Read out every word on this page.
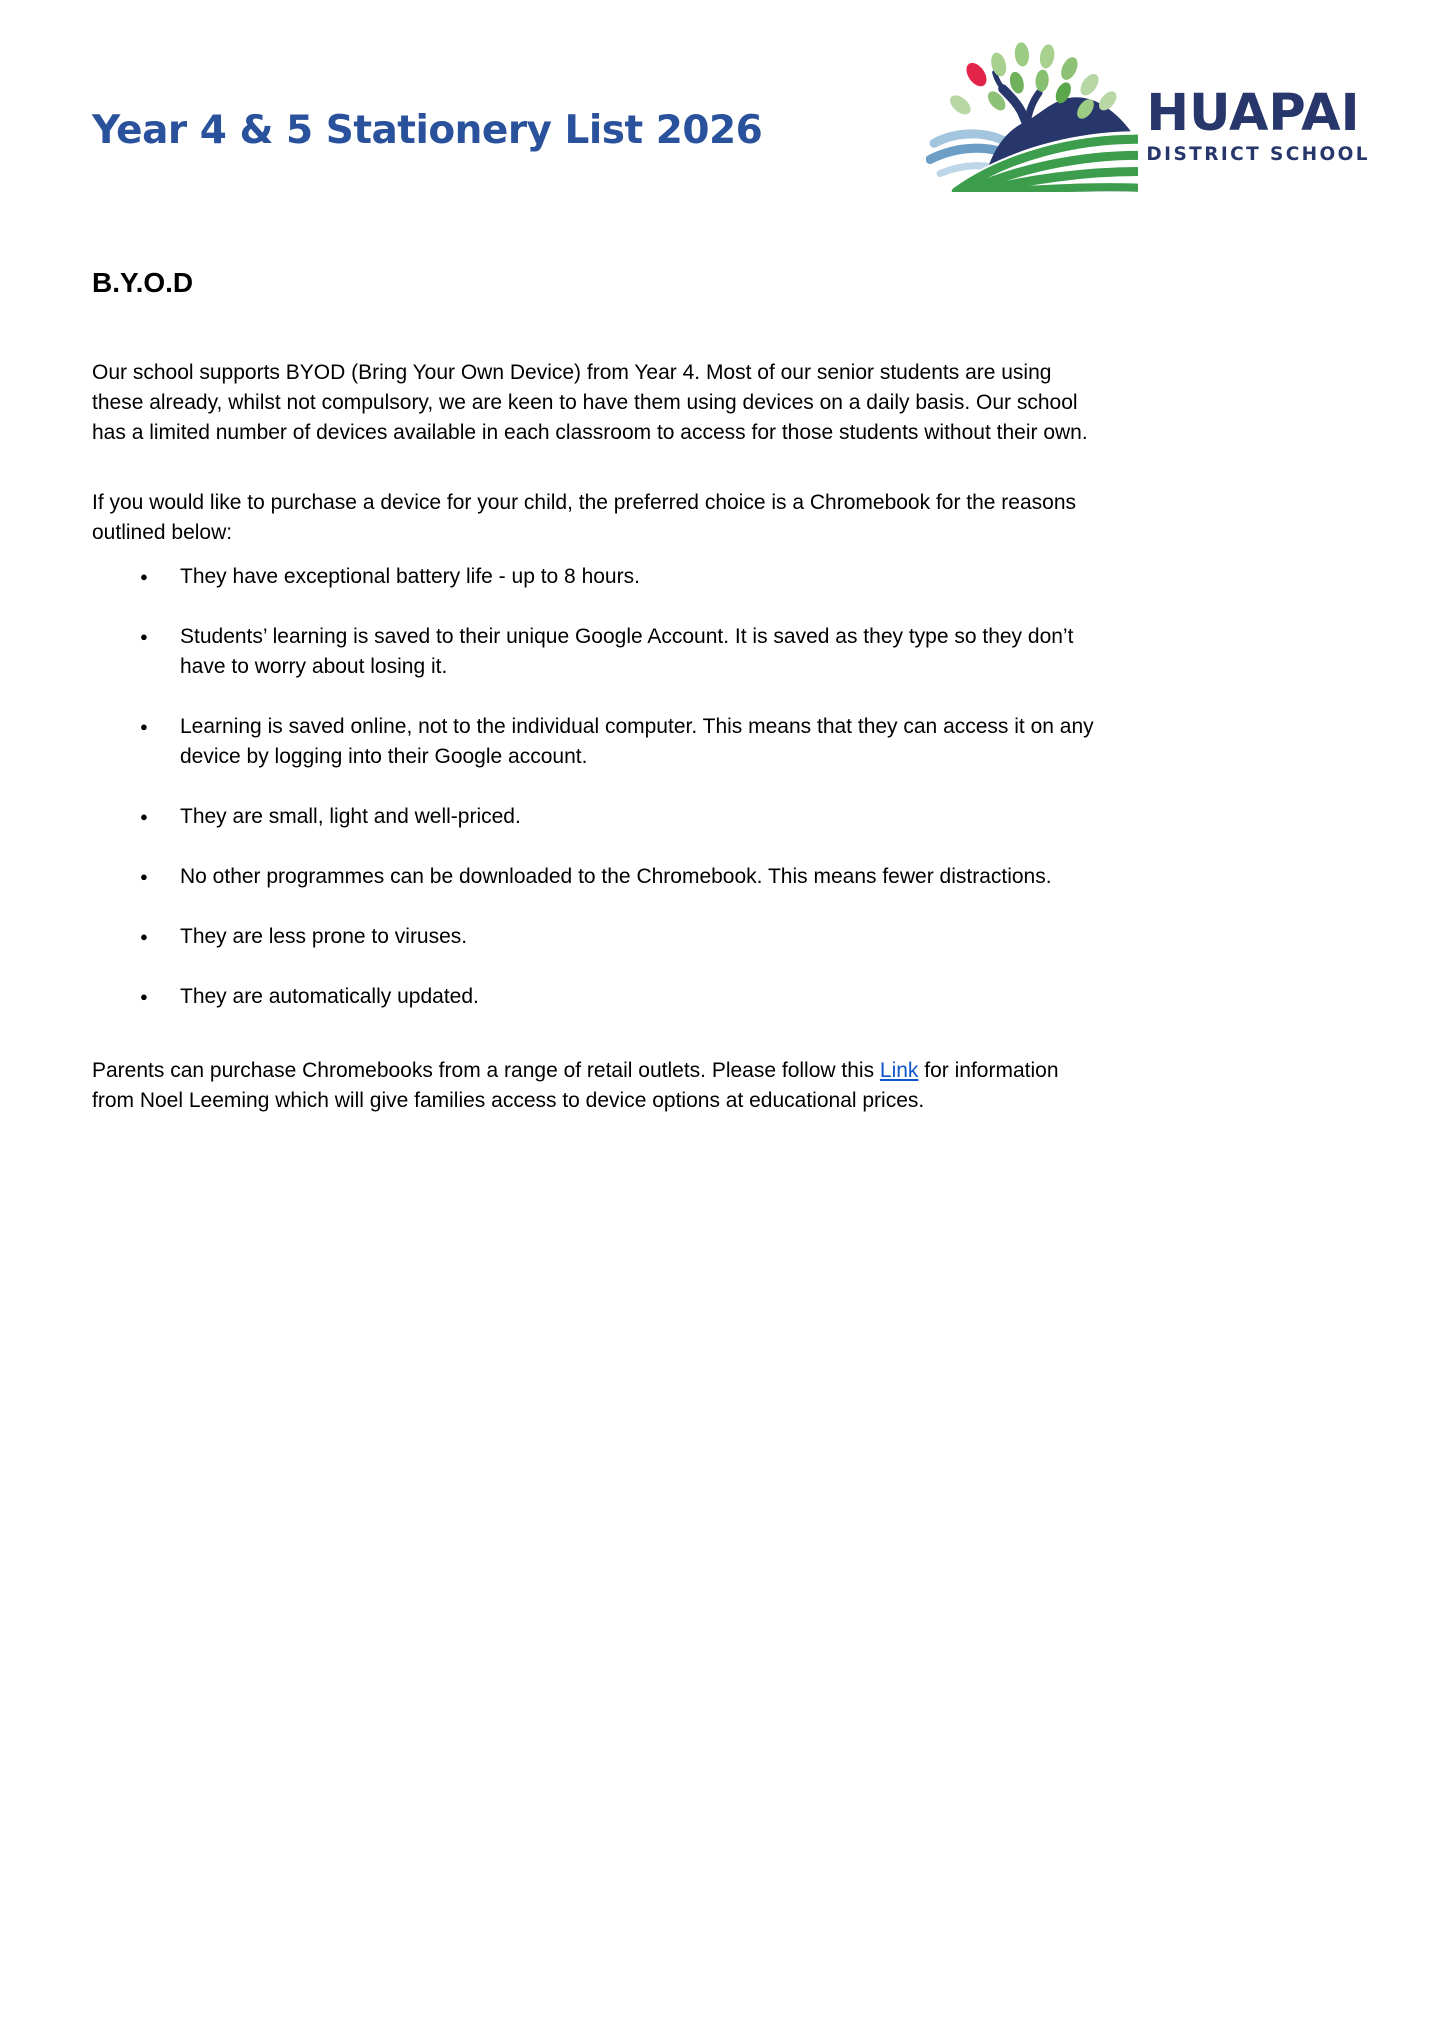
Year 4 & 5 Stationery List 2026	HUAPAI
DISTRICT SCHOOL
B.Y.O.D

Our school supports BYOD (Bring Your Own Device) from Year 4. Most of our senior students are using these already, whilst not compulsory, we are keen to have them using devices on a daily basis. Our school has a limited number of devices available in each classroom to access for those students without their own.

If you would like to purchase a device for your child, the preferred choice is a Chromebook for the reasons outlined below:

● They have exceptional battery life - up to 8 hours.
● Students’ learning is saved to their unique Google Account. It is saved as they type so they don’t have to worry about losing it.
● Learning is saved online, not to the individual computer. This means that they can access it on any device by logging into their Google account.
● They are small, light and well-priced.
● No other programmes can be downloaded to the Chromebook. This means fewer distractions.
● They are less prone to viruses.
● They are automatically updated.

Parents can purchase Chromebooks from a range of retail outlets. Please follow this Link for information from Noel Leeming which will give families access to device options at educational prices.
